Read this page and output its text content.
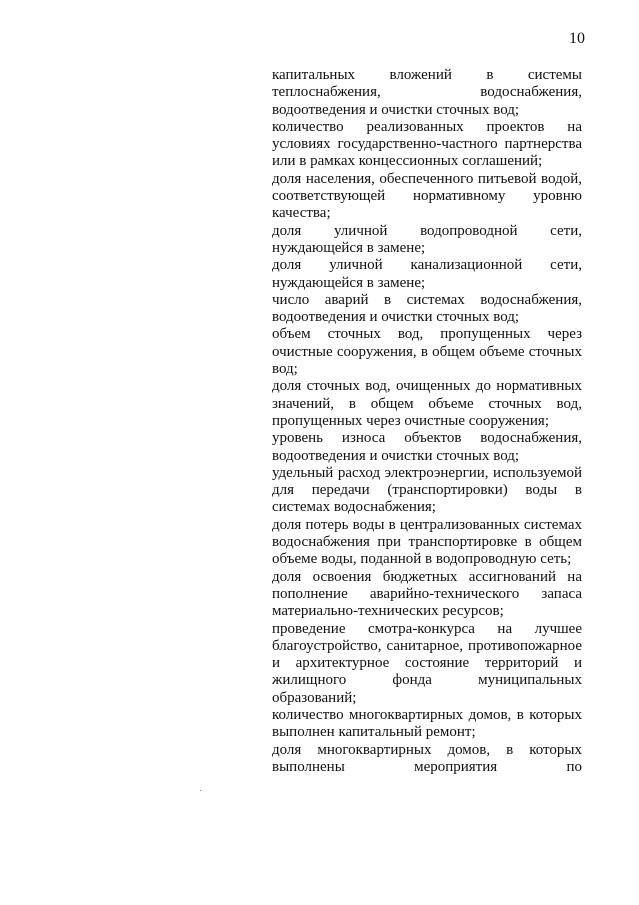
10

капитальных вложений в системы теплоснабжения, водоснабжения, водоотведения и очистки сточных вод;

количество реализованных проектов на условиях государственно-частного партнерства или в рамках концессионных соглашений;

доля населения, обеспеченного питьевой водой, соответствующей нормативному уровню качества;

доля уличной водопроводной сети, нуждающейся в замене;

доля уличной канализационной сети, нуждающейся в замене;

число аварий в системах водоснабжения, водоотведения и очистки сточных вод;

объем сточных вод, пропущенных через очистные сооружения, в общем объеме сточных вод;

доля сточных вод, очищенных до нормативных значений, в общем объеме сточных вод, пропущенных через очистные сооружения;

уровень износа объектов водоснабжения, водоотведения и очистки сточных вод;

удельный расход электроэнергии, используемой для передачи (транспортировки) воды в системах водоснабжения;

доля потерь воды в централизованных системах водоснабжения при транспортировке в общем объеме воды, поданной в водопроводную сеть;

доля освоения бюджетных ассигнований на пополнение аварийно-технического запаса материально-технических ресурсов;

проведение смотра-конкурса на лучшее благоустройство, санитарное, противопожарное и архитектурное состояние территорий и жилищного фонда муниципальных образований;

количество многоквартирных домов, в которых выполнен капитальный ремонт;

доля многоквартирных домов, в которых выполнены мероприятия по
